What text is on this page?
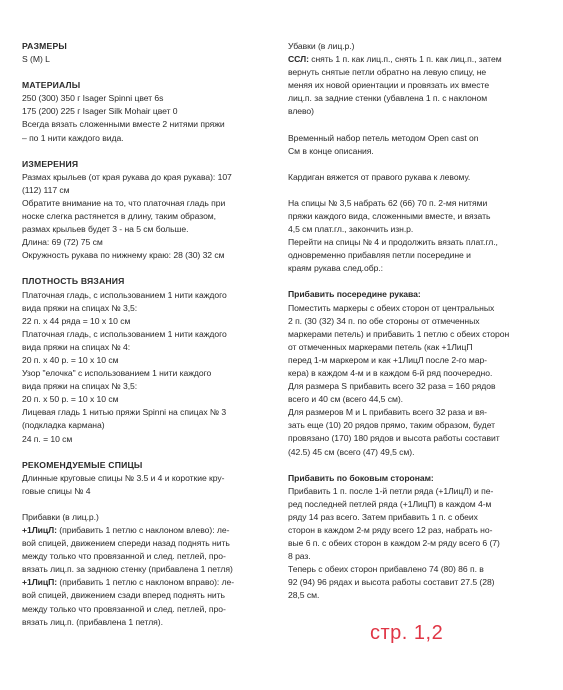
РАЗМЕРЫ
S (M) L
МАТЕРИАЛЫ
250 (300) 350 г Isager Spinni цвет 6s
175 (200) 225 г Isager Silk Mohair цвет 0
Всегда вязать сложенными вместе 2 нитями пряжи
– по 1 нити каждого вида.
ИЗМЕРЕНИЯ
Размах крыльев (от края рукава до края рукава): 107
(112) 117 см
Обратите внимание на то, что платочная гладь при
носке слегка растянется в длину, таким образом,
размах крыльев будет 3 - на 5 см больше.
Длина: 69 (72) 75 см
Окружность рукава по нижнему краю: 28 (30) 32 см
ПЛОТНОСТЬ ВЯЗАНИЯ
Платочная гладь, с использованием 1 нити каждого
вида пряжи на спицах № 3,5:
22 п. х 44 ряда = 10 х 10 см
Платочная гладь, с использованием 1 нити каждого
вида пряжи на спицах № 4:
20 п. х 40 р. = 10 х 10 см
Узор "елочка" с использованием 1 нити каждого
вида пряжи на спицах № 3,5:
20 п. х 50 р. = 10 х 10 см
Лицевая гладь 1 нитью пряжи Spinni на спицах № 3
(подкладка кармана)
24 п. = 10 см
РЕКОМЕНДУЕМЫЕ СПИЦЫ
Длинные круговые спицы № 3.5 и 4 и короткие кру-
говые спицы № 4
Прибавки (в лиц.р.)
+1ЛицЛ: (прибавить 1 петлю с наклоном влево): ле-
вой спицей, движением спереди назад поднять нить
между только что провязанной и след. петлей, про-
вязать лиц.п. за заднюю стенку (прибавлена 1 петля)
+1ЛицП: (прибавить 1 петлю с наклоном вправо): ле-
вой спицей, движением сзади вперед поднять нить
между только что провязанной и след. петлей, про-
вязать лиц.п. (прибавлена 1 петля).
Убавки (в лиц.р.)
ССЛ: снять 1 п. как лиц.п., снять 1 п. как лиц.п., затем
вернуть снятые петли обратно на левую спицу, не
меняя их новой ориентации и провязать их вместе
лиц.п. за задние стенки (убавлена 1 п. с наклоном
влево)
Временный набор петель методом Open cast on
См в конце описания.
Кардиган вяжется от правого рукава к левому.
На спицы № 3,5 набрать 62 (66) 70 п. 2-мя нитями
пряжи каждого вида, сложенными вместе, и вязать
4,5 см плат.гл., закончить изн.р.
Перейти на спицы № 4 и продолжить вязать плат.гл.,
одновременно прибавляя петли посередине и
краям рукава след.обр.:
Прибавить посередине рукава:
Поместить маркеры с обеих сторон от центральных
2 п. (30 (32) 34 п. по обе стороны от отмеченных
маркерами петель) и прибавить 1 петлю с обеих сторон
от отмеченных маркерами петель (как +1ЛицП
перед 1-м маркером и как +1ЛицЛ после 2-го мар-
кера) в каждом 4-м и в каждом 6-й ряд поочередно.
Для размера S прибавить всего 32 раза = 160 рядов
всего и 40 см (всего 44,5 см).
Для размеров M и L прибавить всего 32 раза и вя-
зать еще (10) 20 рядов прямо, таким образом, будет
провязано (170) 180 рядов и высота работы составит
(42.5) 45 см (всего (47) 49,5 см).
Прибавить по боковым сторонам:
Прибавить 1 п. после 1-й петли ряда (+1ЛицЛ) и пе-
ред последней петлей ряда (+1ЛицП) в каждом 4-м
ряду 14 раз всего. Затем прибавить 1 п. с обеих
сторон в каждом 2-м ряду всего 12 раз, набрать но-
вые 6 п. с обеих сторон в каждом 2-м ряду всего 6 (7)
8 раз.
Теперь с обеих сторон прибавлено 74 (80) 86 п. в
92 (94) 96 рядах и высота работы составит 27.5 (28)
28,5 см.
стр. 1,2
